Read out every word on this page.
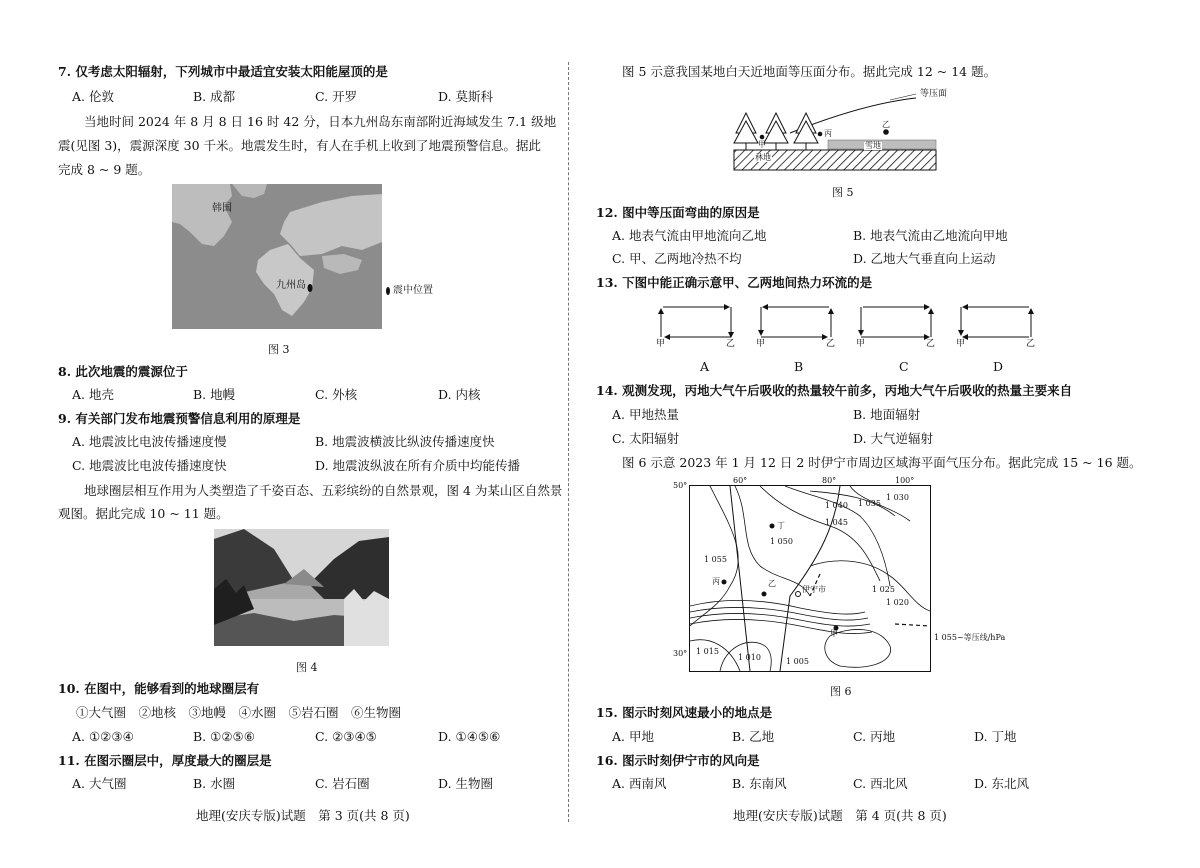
7. 仅考虑太阳辐射，下列城市中最适宜安装太阳能屋顶的是
A. 伦敦	B. 成都	C. 开罗	D. 莫斯科
当地时间 2024 年 8 月 8 日 16 时 42 分，日本九州岛东南部附近海域发生 7.1 级地
震(见图 3)，震源深度 30 千米。地震发生时，有人在手机上收到了地震预警信息。据此
完成 8 ~ 9 题。
韩国
九州岛	震中位置
图 3
8. 此次地震的震源位于
A. 地壳	B. 地幔	C. 外核	D. 内核
9. 有关部门发布地震预警信息利用的原理是
A. 地震波比电波传播速度慢	B. 地震波横波比纵波传播速度快
C. 地震波比电波传播速度快	D. 地震波纵波在所有介质中均能传播
地球圈层相互作用为人类塑造了千姿百态、五彩缤纷的自然景观，图 4 为某山区自然景
观图。据此完成 10 ~ 11 题。
图 4
10. 在图中，能够看到的地球圈层有
①大气圈　②地核　③地幔　④水圈　⑤岩石圈　⑥生物圈
A. ①②③④	B. ①②⑤⑥	C. ②③④⑤	D. ①④⑤⑥
11. 在图示圈层中，厚度最大的圈层是
A. 大气圈	B. 水圈	C. 岩石圈	D. 生物圈
地理(安庆专版)试题　第 3 页(共 8 页)
图 5 示意我国某地白天近地面等压面分布。据此完成 12 ~ 14 题。
等压面
甲
丙
乙
林地
雪地
图 5
12. 图中等压面弯曲的原因是
A. 地表气流由甲地流向乙地	B. 地表气流由乙地流向甲地
C. 甲、乙两地冷热不均	D. 乙地大气垂直向上运动
13. 下图中能正确示意甲、乙两地间热力环流的是
甲	乙 甲	乙 甲	乙 甲	乙
A	B	C	D
14. 观测发现，丙地大气午后吸收的热量较午前多，丙地大气午后吸收的热量主要来自
A. 甲地热量	B. 地面辐射
C. 太阳辐射	D. 大气逆辐射
图 6 示意 2023 年 1 月 12 日 2 时伊宁市周边区域海平面气压分布。据此完成 15 ~ 16 题。
1 040 1 035
1 030
1 045
1 050
1 055
1 025
1 020
1 015
1 010	1 005
丁
丙	乙
甲
伊宁市
50°
30°
60°	80°	100°
1 055~等压线/hPa
图 6
15. 图示时刻风速最小的地点是
A. 甲地	B. 乙地	C. 丙地	D. 丁地
16. 图示时刻伊宁市的风向是
A. 西南风	B. 东南风	C. 西北风	D. 东北风
地理(安庆专版)试题　第 4 页(共 8 页)
